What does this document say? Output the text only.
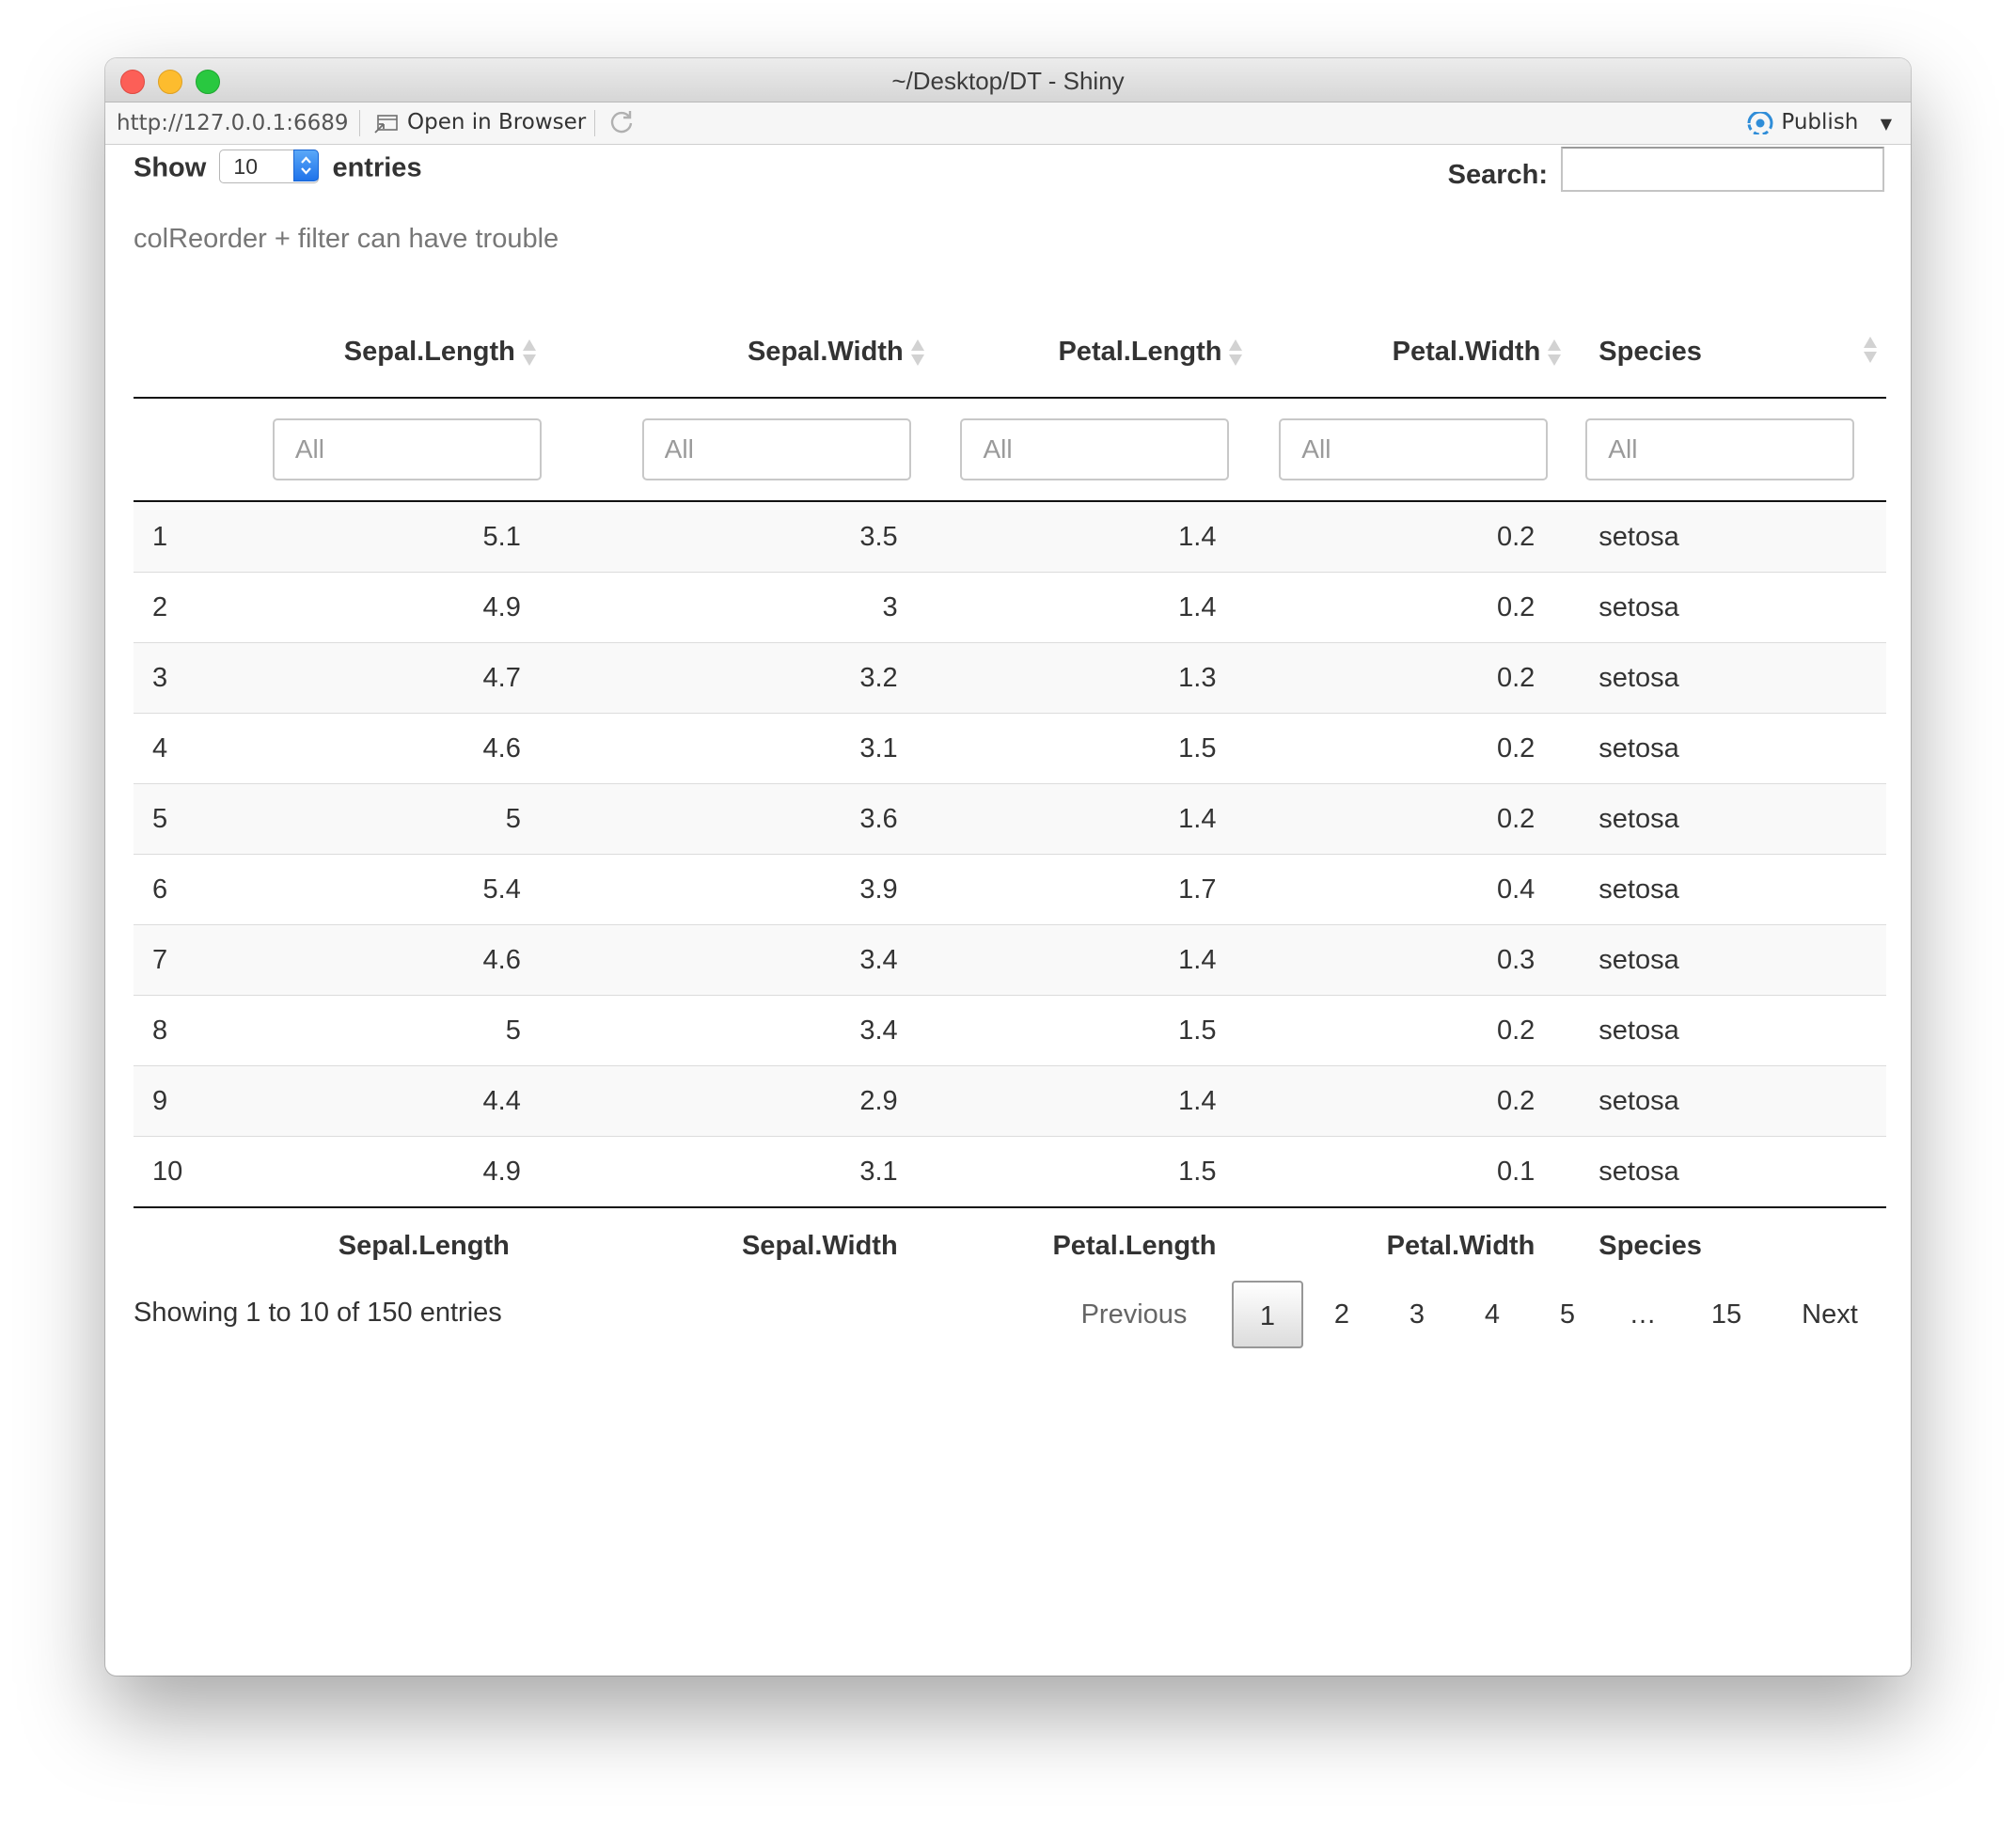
~/Desktop/DT - Shiny
http://127.0.0.1:6689	Open in Browser	Publish ▼
Show 10	entries	Search:
colReorder + filter can have trouble
	Sepal.Length	Sepal.Width	Petal.Length	Petal.Width	Species

	All	All	All	All	All
1	5.1	3.5	1.4	0.2	setosa
2	4.9	3	1.4	0.2	setosa
3	4.7	3.2	1.3	0.2	setosa
4	4.6	3.1	1.5	0.2	setosa
5	5	3.6	1.4	0.2	setosa
6	5.4	3.9	1.7	0.4	setosa
7	4.6	3.4	1.4	0.3	setosa
8	5	3.4	1.5	0.2	setosa
9	4.4	2.9	1.4	0.2	setosa
10	4.9	3.1	1.5	0.1	setosa
	Sepal.Length	Sepal.Width	Petal.Length	Petal.Width	Species
Showing 1 to 10 of 150 entries	Previous	1	2	3	4	5	…	15	Next
